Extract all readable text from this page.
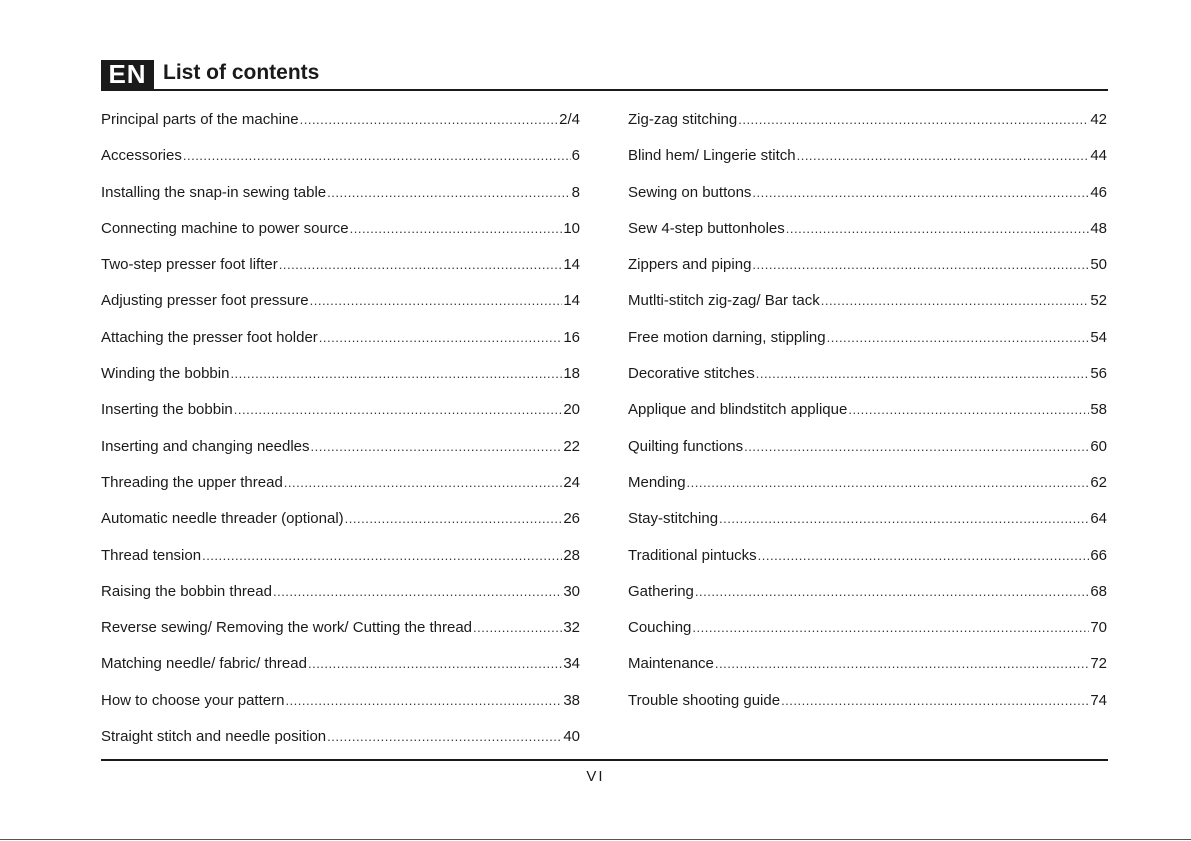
EN List of contents
Principal parts of the machine .....	2/4
Accessories .....	6
Installing the snap-in sewing table .....	8
Connecting machine to power source .....	10
Two-step presser foot lifter .....	14
Adjusting presser foot pressure .....	14
Attaching the presser foot holder .....	16
Winding the bobbin .....	18
Inserting the bobbin .....	20
Inserting and changing needles .....	22
Threading the upper thread .....	24
Automatic needle threader (optional) .....	26
Thread tension .....	28
Raising the bobbin thread .....	30
Reverse sewing/ Removing the work/ Cutting the thread .....	32
Matching needle/ fabric/ thread .....	34
How to choose your pattern .....	38
Straight stitch and needle position .....	40
Zig-zag stitching .....	42
Blind hem/ Lingerie stitch .....	44
Sewing on buttons .....	46
Sew 4-step buttonholes .....	48
Zippers and piping .....	50
Mutlti-stitch zig-zag/ Bar tack .....	52
Free motion darning, stippling .....	54
Decorative stitches .....	56
Applique and blindstitch applique .....	58
Quilting functions .....	60
Mending .....	62
Stay-stitching .....	64
Traditional pintucks .....	66
Gathering .....	68
Couching .....	70
Maintenance .....	72
Trouble shooting guide .....	74
VI
